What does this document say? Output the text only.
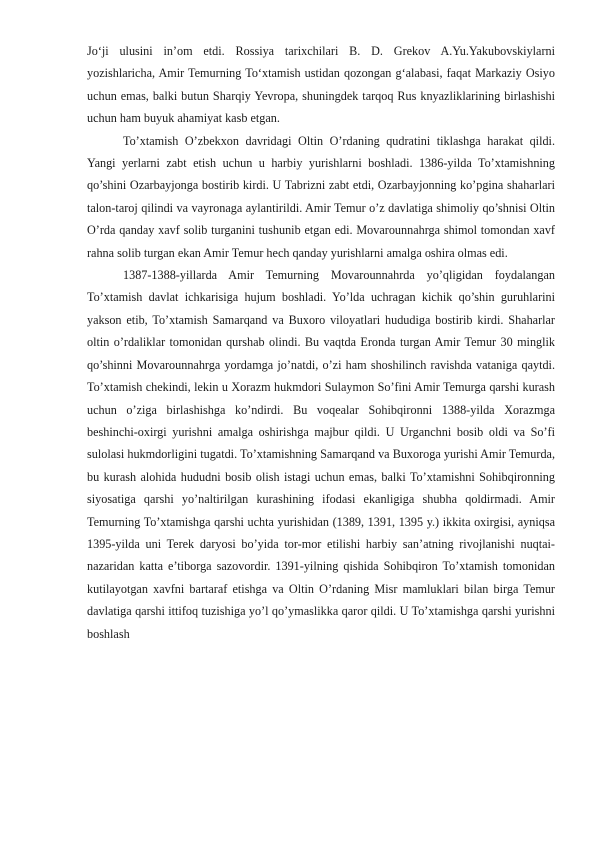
Jo‘ji ulusini in’om etdi. Rossiya tarixchilari B. D. Grekov A.Yu.Yakubovskiylarni yozishlaricha, Amir Temurning To‘xtamish ustidan qozongan g‘alabasi, faqat Markaziy Osiyo uchun emas, balki butun Sharqiy Yevropa, shuningdek tarqoq Rus knyazliklarining birlashishi uchun ham buyuk ahamiyat kasb etgan.

To’xtamish O’zbekxon davridagi Oltin O’rdaning qudratini tiklashga harakat qildi. Yangi yerlarni zabt etish uchun u harbiy yurishlarni boshladi. 1386-yilda To’xtamishning qo’shini Ozarbayjonga bostirib kirdi. U Tabrizni zabt etdi, Ozarbayjonning ko’pgina shaharlari talon-taroj qilindi va vayronaga aylantirildi. Amir Temur o’z davlatiga shimoliy qo’shnisi Oltin O’rda qanday xavf solib turganini tushunib etgan edi. Movarounnahrga shimol tomondan xavf rahna solib turgan ekan Amir Temur hech qanday yurishlarni amalga oshira olmas edi.

1387-1388-yillarda Amir Temurning Movarounnahrda yo’qligidan foydalangan To’xtamish davlat ichkarisiga hujum boshladi. Yo’lda uchragan kichik qo’shin guruhlarini yakson etib, To’xtamish Samarqand va Buxoro viloyatlari hududiga bostirib kirdi. Shaharlar oltin o’rdaliklar tomonidan qurshab olindi. Bu vaqtda Eronda turgan Amir Temur 30 minglik qo’shinni Movarounnahrga yordamga jo’natdi, o’zi ham shoshilinch ravishda vataniga qaytdi. To’xtamish chekindi, lekin u Xorazm hukmdori Sulaymon So’fini Amir Temurga qarshi kurash uchun o’ziga birlashishga ko’ndirdi. Bu voqealar Sohibqironni 1388-yilda Xorazmga beshinchi-oxirgi yurishni amalga oshirishga majbur qildi. U Urganchni bosib oldi va So’fi sulolasi hukmdorligini tugatdi. To’xtamishning Samarqand va Buxoroga yurishi Amir Temurda, bu kurash alohida hududni bosib olish istagi uchun emas, balki To’xtamishni Sohibqironning siyosatiga qarshi yo’naltirilgan kurashining ifodasi ekanligiga shubha qoldirmadi. Amir Temurning To’xtamishga qarshi uchta yurishidan (1389, 1391, 1395 y.) ikkita oxirgisi, ayniqsa 1395-yilda uni Terek daryosi bo’yida tor-mor etilishi harbiy san’atning rivojlanishi nuqtai-nazaridan katta e’tiborga sazovordir. 1391-yilning qishida Sohibqiron To’xtamish tomonidan kutilayotgan xavfni bartaraf etishga va Oltin O’rdaning Misr mamluklari bilan birga Temur davlatiga qarshi ittifoq tuzishiga yo’l qo’ymaslikka qaror qildi. U To’xtamishga qarshi yurishni boshlash
